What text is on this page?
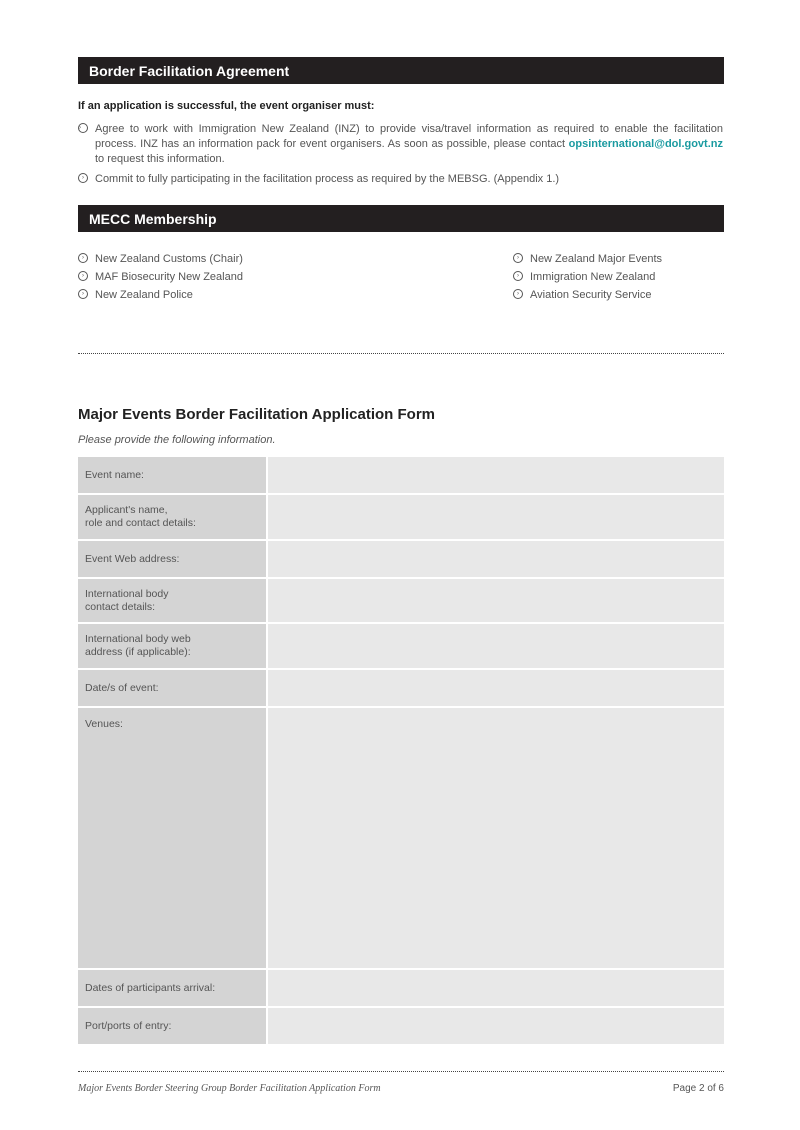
Border Facilitation Agreement
If an application is successful, the event organiser must:
›	Agree to work with Immigration New Zealand (INZ) to provide visa/travel information as required to enable the facilitation process. INZ has an information pack for event organisers. As soon as possible, please contact opsinternational@dol.govt.nz to request this information.
›	Commit to fully participating in the facilitation process as required by the MEBSG. (Appendix 1.)
MECC Membership
›	New Zealand Customs (Chair)
›	MAF Biosecurity New Zealand
›	New Zealand Police
›	New Zealand Major Events
›	Immigration New Zealand
›	Aviation Security Service
Major Events Border Facilitation Application Form
Please provide the following information.
Event name:
Applicant's name,
role and contact details:
Event Web address:
International body
contact details:
International body web
address (if applicable):
Date/s of event:
Venues:
Dates of participants arrival:
Port/ports of entry:
Major Events Border Steering Group Border Facilitation Application Form	Page 2 of 6
